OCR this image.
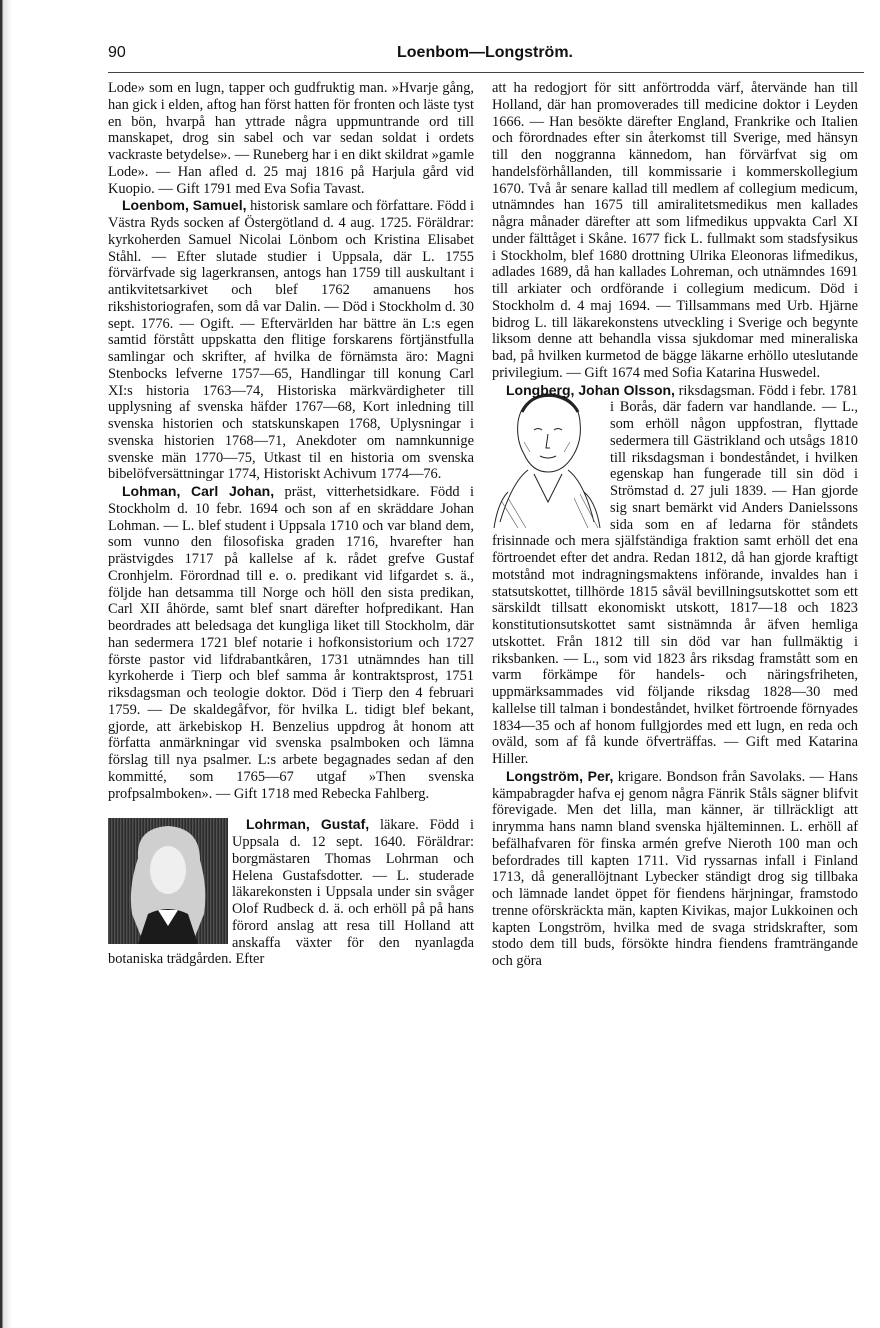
90	Loenbom—Longström.

Lode» som en lugn, tapper och gudfruktig man. »Hvarje gång, han gick i elden, aftog han först hatten för fronten och läste tyst en bön, hvarpå han yttrade några uppmuntrande ord till manskapet, drog sin sabel och var sedan soldat i ordets vackraste betydelse». — Runeberg har i en dikt skildrat »gamle Lode». — Han afled d. 25 maj 1816 på Harjula gård vid Kuopio. — Gift 1791 med Eva Sofia Tavast.

Loenbom, Samuel, historisk samlare och författare. Född i Västra Ryds socken af Östergötland d. 4 aug. 1725. Föräldrar: kyrkoherden Samuel Nicolai Lönbom och Kristina Elisabet Ståhl. — Efter slutade studier i Uppsala, där L. 1755 förvärfvade sig lagerkransen, antogs han 1759 till auskultant i antikvitetsarkivet och blef 1762 amanuens hos rikshistoriografen, som då var Dalin. — Död i Stockholm d. 30 sept. 1776. — Ogift. — Eftervärlden har bättre än L:s egen samtid förstått uppskatta den flitige forskarens förtjänstfulla samlingar och skrifter, af hvilka de förnämsta äro: Magni Stenbocks lefverne 1757—65, Handlingar till konung Carl XI:s historia 1763—74, Historiska märkvärdigheter till upplysning af svenska häfder 1767—68, Kort inledning till svenska historien och statskunskapen 1768, Uplysningar i svenska historien 1768—71, Anekdoter om namnkunnige svenske män 1770—75, Utkast til en historia om svenska bibelöfversättningar 1774, Historiskt Achivum 1774—76.

Lohman, Carl Johan, präst, vitterhetsidkare. Född i Stockholm d. 10 febr. 1694 och son af en skräddare Johan Lohman. — L. blef student i Uppsala 1710 och var bland dem, som vunno den filosofiska graden 1716, hvarefter han prästvigdes 1717 på kallelse af k. rådet grefve Gustaf Cronhjelm. Förordnad till e. o. predikant vid lifgardet s. ä., följde han detsamma till Norge och höll den sista predikan, Carl XII åhörde, samt blef snart därefter hofpredikant. Han beordrades att beledsaga det kungliga liket till Stockholm, där han sedermera 1721 blef notarie i hofkonsistorium och 1727 förste pastor vid lifdrabantkåren, 1731 utnämndes han till kyrkoherde i Tierp och blef samma år kontraktsprost, 1751 riksdagsman och teologie doktor. Död i Tierp den 4 februari 1759. — De skaldegåfvor, för hvilka L. tidigt blef bekant, gjorde, att ärkebiskop H. Benzelius uppdrog åt honom att författa anmärkningar vid svenska psalmboken och lämna förslag till nya psalmer. L:s arbete begagnades sedan af den kommitté, som 1765—67 utgaf »Then svenska profpsalmboken». — Gift 1718 med Rebecka Fahlberg.

Lohrman, Gustaf, läkare. Född i Uppsala d. 12 sept. 1640. Föräldrar: borgmästaren Thomas Lohrman och Helena Gustafsdotter. — L. studerade läkarekonsten i Uppsala under sin svåger Olof Rudbeck d. ä. och erhöll på på hans förord anslag att resa till Holland att anskaffa växter för den nyanlagda botaniska trädgården. Efter

att ha redogjort för sitt anförtrodda värf, återvände han till Holland, där han promoverades till medicine doktor i Leyden 1666. — Han besökte därefter England, Frankrike och Italien och förordnades efter sin återkomst till Sverige, med hänsyn till den noggranna kännedom, han förvärfvat sig om handelsförhållanden, till kommissarie i kommerskollegium 1670. Två år senare kallad till medlem af collegium medicum, utnämndes han 1675 till amiralitetsmedikus men kallades några månader därefter att som lifmedikus uppvakta Carl XI under fälttåget i Skåne. 1677 fick L. fullmakt som stadsfysikus i Stockholm, blef 1680 drottning Ulrika Eleonoras lifmedikus, adlades 1689, då han kallades Lohreman, och utnämndes 1691 till arkiater och ordförande i collegium medicum. Död i Stockholm d. 4 maj 1694. — Tillsammans med Urb. Hjärne bidrog L. till läkarekonstens utveckling i Sverige och begynte liksom denne att behandla vissa sjukdomar med mineraliska bad, på hvilken kurmetod de bägge läkarne erhöllo uteslutande privilegium. — Gift 1674 med Sofia Katarina Huswedel.

Longberg, Johan Olsson, riksdagsman. Född i febr. 1781 i Borås, där fadern var handlande. — L., som erhöll någon uppfostran, flyttade sedermera till Gästrikland och utsågs 1810 till riksdagsman i bondeståndet, i hvilken egenskap han fungerade till sin död i Strömstad d. 27 juli 1839. — Han gjorde sig snart bemärkt vid Anders Danielssons sida som en af ledarna för ståndets frisinnade och mera själfständiga fraktion samt erhöll det ena förtroendet efter det andra. Redan 1812, då han gjorde kraftigt motstånd mot indragningsmaktens införande, invaldes han i statsutskottet, tillhörde 1815 såväl bevillningsutskottet som ett särskildt tillsatt ekonomiskt utskott, 1817—18 och 1823 konstitutionsutskottet samt sistnämnda år äfven hemliga utskottet. Från 1812 till sin död var han fullmäktig i riksbanken. — L., som vid 1823 års riksdag framstått som en varm förkämpe för handels- och näringsfriheten, uppmärksammades vid följande riksdag 1828—30 med kallelse till talman i bondeståndet, hvilket förtroende förnyades 1834—35 och af honom fullgjordes med ett lugn, en reda och oväld, som af få kunde öfverträffas. — Gift med Katarina Hiller.

Longström, Per, krigare. Bondson från Savolaks. — Hans kämpabragder hafva ej genom några Fänrik Ståls sägner blifvit förevigade. Men det lilla, man känner, är tillräckligt att inrymma hans namn bland svenska hjälteminnen. L. erhöll af befälhafvaren för finska armén grefve Nieroth 100 man och befordrades till kapten 1711. Vid ryssarnas infall i Finland 1713, då generallöjtnant Lybecker ständigt drog sig tillbaka och lämnade landet öppet för fiendens härjningar, framstodo trenne oförskräckta män, kapten Kivikas, major Lukkoinen och kapten Longström, hvilka med de svaga stridskrafter, som stodo dem till buds, försökte hindra fiendens framträngande och göra
